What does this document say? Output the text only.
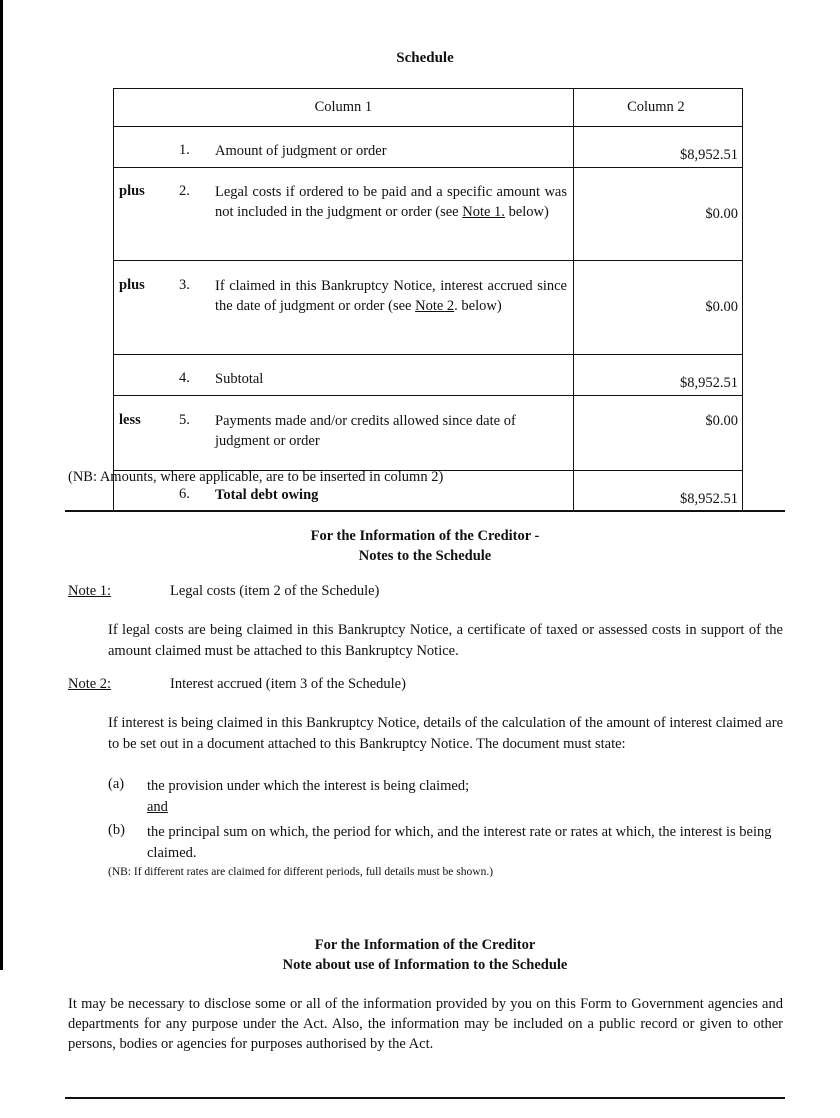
Schedule
Column 1	Column 2

1. Amount of judgment or order	$8,952.51

plus 2. Legal costs if ordered to be paid and a specific amount was not included in the judgment or order (see Note 1. below)	$0.00

plus 3. If claimed in this Bankruptcy Notice, interest accrued since the date of judgment or order (see Note 2. below)	$0.00

4. Subtotal	$8,952.51

less 5. Payments made and/or credits allowed since date of judgment or order	$0.00

6. Total debt owing	$8,952.51
(NB: Amounts, where applicable, are to be inserted in column 2)
For the Information of the Creditor -
Notes to the Schedule
Note 1:	Legal costs (item 2 of the Schedule)
If legal costs are being claimed in this Bankruptcy Notice, a certificate of taxed or assessed costs in support of the amount claimed must be attached to this Bankruptcy Notice.
Note 2:	Interest accrued (item 3 of the Schedule)
If interest is being claimed in this Bankruptcy Notice, details of the calculation of the amount of interest claimed are to be set out in a document attached to this Bankruptcy Notice. The document must state:
(a) the provision under which the interest is being claimed;
and
(b) the principal sum on which, the period for which, and the interest rate or rates at which, the interest is being claimed.
(NB: If different rates are claimed for different periods, full details must be shown.)
For the Information of the Creditor
Note about use of Information to the Schedule
It may be necessary to disclose some or all of the information provided by you on this Form to Government agencies and departments for any purpose under the Act. Also, the information may be included on a public record or given to other persons, bodies or agencies for purposes authorised by the Act.
